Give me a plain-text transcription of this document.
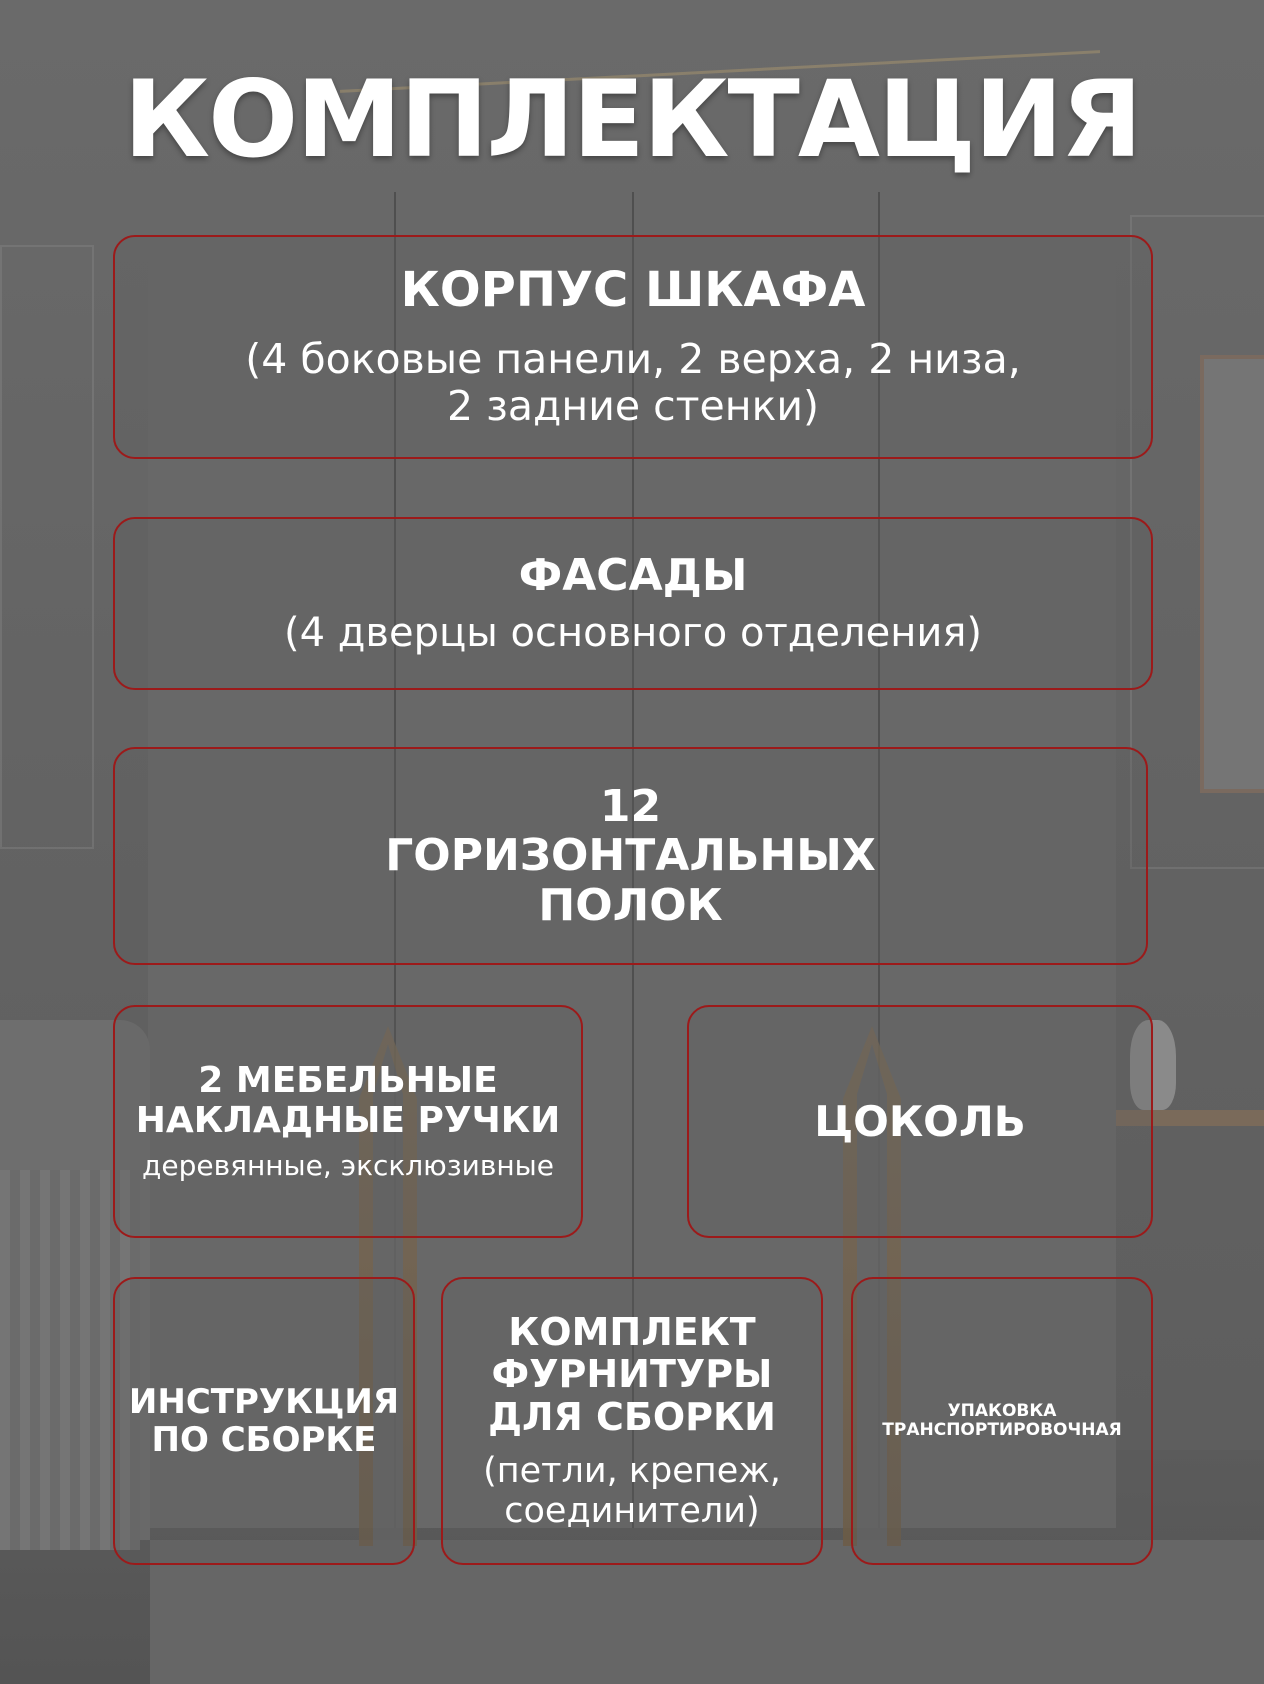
КОМПЛЕКТАЦИЯ
КОРПУС ШКАФА
(4 боковые панели, 2 верха, 2 низа,
2 задние стенки)
ФАСАДЫ
(4 дверцы основного отделения)
12
ГОРИЗОНТАЛЬНЫХ
ПОЛОК
2 МЕБЕЛЬНЫЕ
НАКЛАДНЫЕ РУЧКИ
деревянные, эксклюзивные
ЦОКОЛЬ
ИНСТРУКЦИЯ
ПО СБОРКЕ
КОМПЛЕКТ
ФУРНИТУРЫ
ДЛЯ СБОРКИ
(петли, крепеж,
соединители)
УПАКОВКА
ТРАНСПОРТИРОВОЧНАЯ
